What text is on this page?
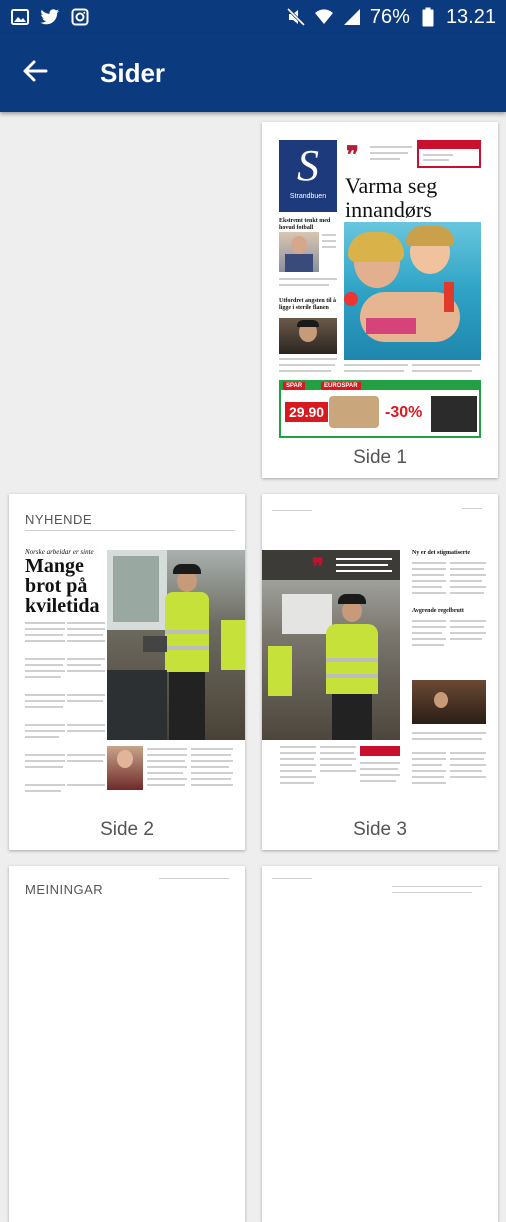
76% 13.21
Sider
S
Strandbuen
❞
Varma seg innandørs
Ekstremt tenkt med hovud fotball
Utfordret angsten til å ligge i sterile flanen
SPAR	EUROSPAR
29.90	-30%
Side 1
NYHENDE
Norske arbeidar er sinte
Mange brot på kviletida
Side 2
❞
Ny er det stigmatiserte
Avgrende regelbrutt
Side 3
MEININGAR
